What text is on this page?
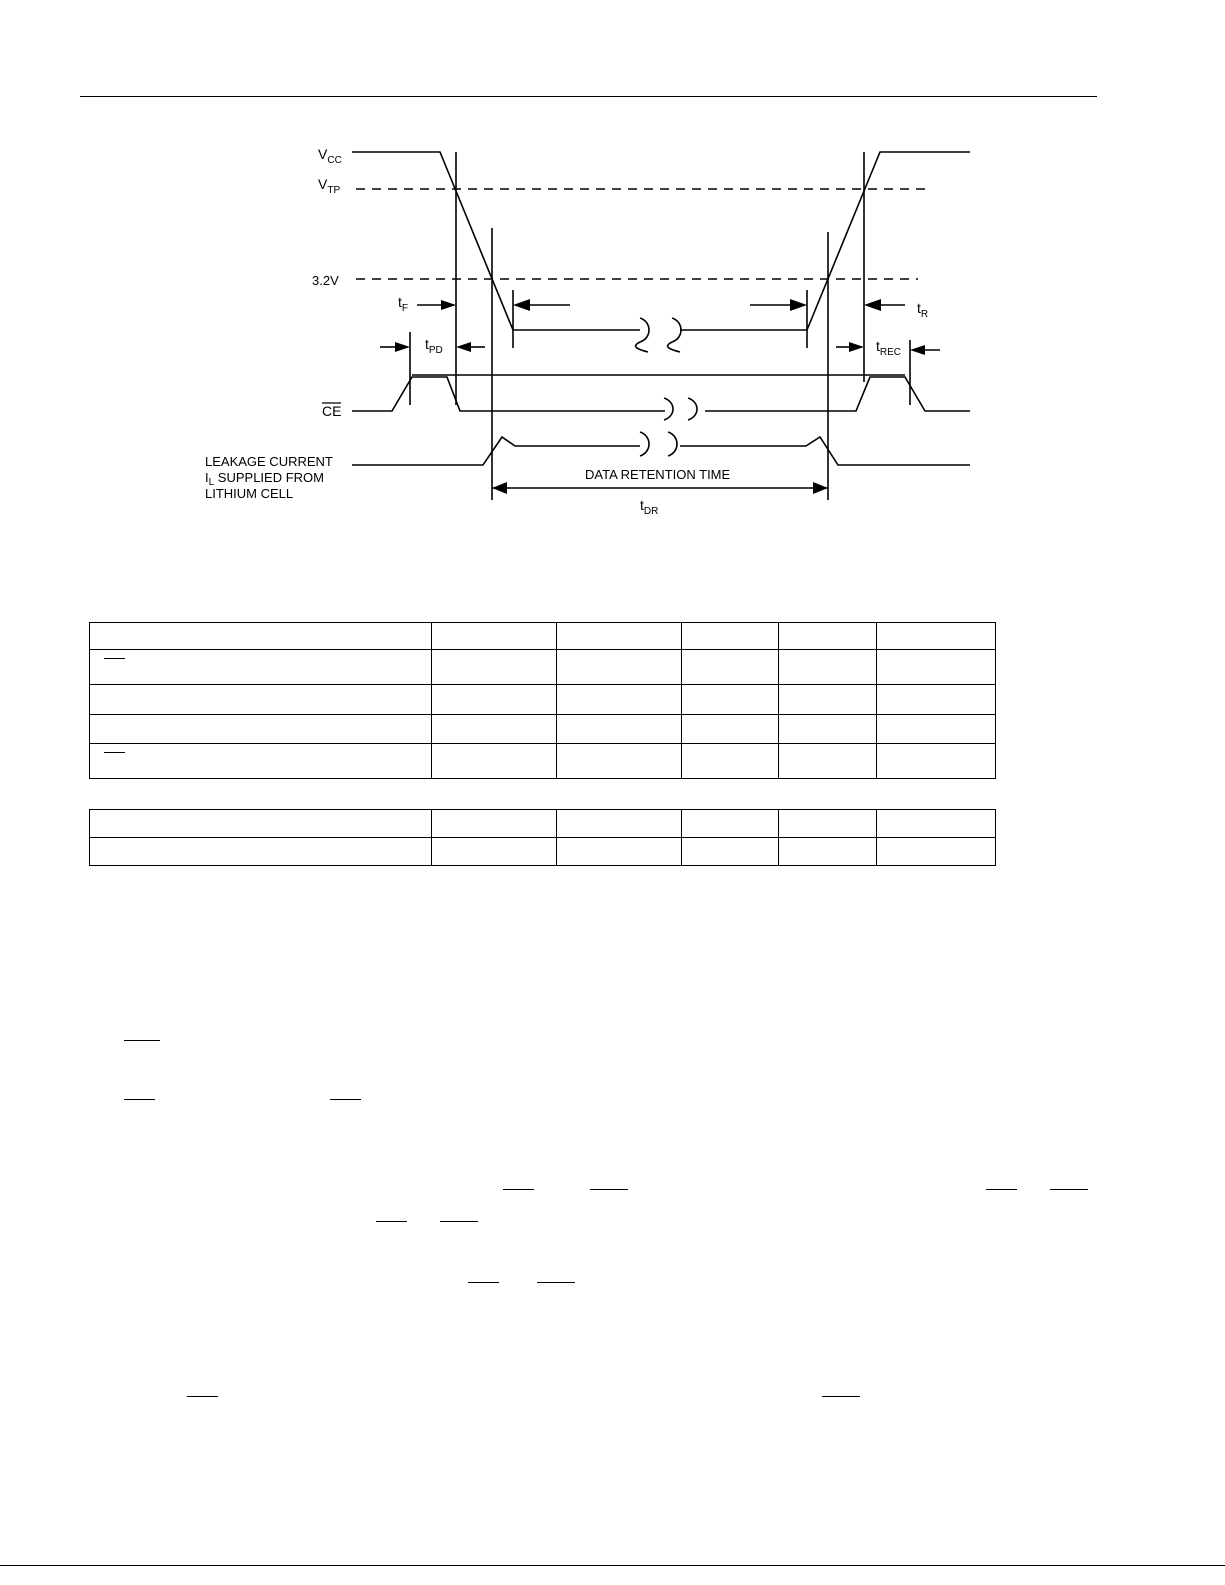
$V_{CC}$
$V_{TP}$
3.2V
$t_F$
$t_{PD}$
$t_R$
$t_{REC}$
CE
LEAKAGE CURRENT
$I_L$ SUPPLIED FROM
LITHIUM CELL
DATA RETENTION TIME
$t_{DR}$
